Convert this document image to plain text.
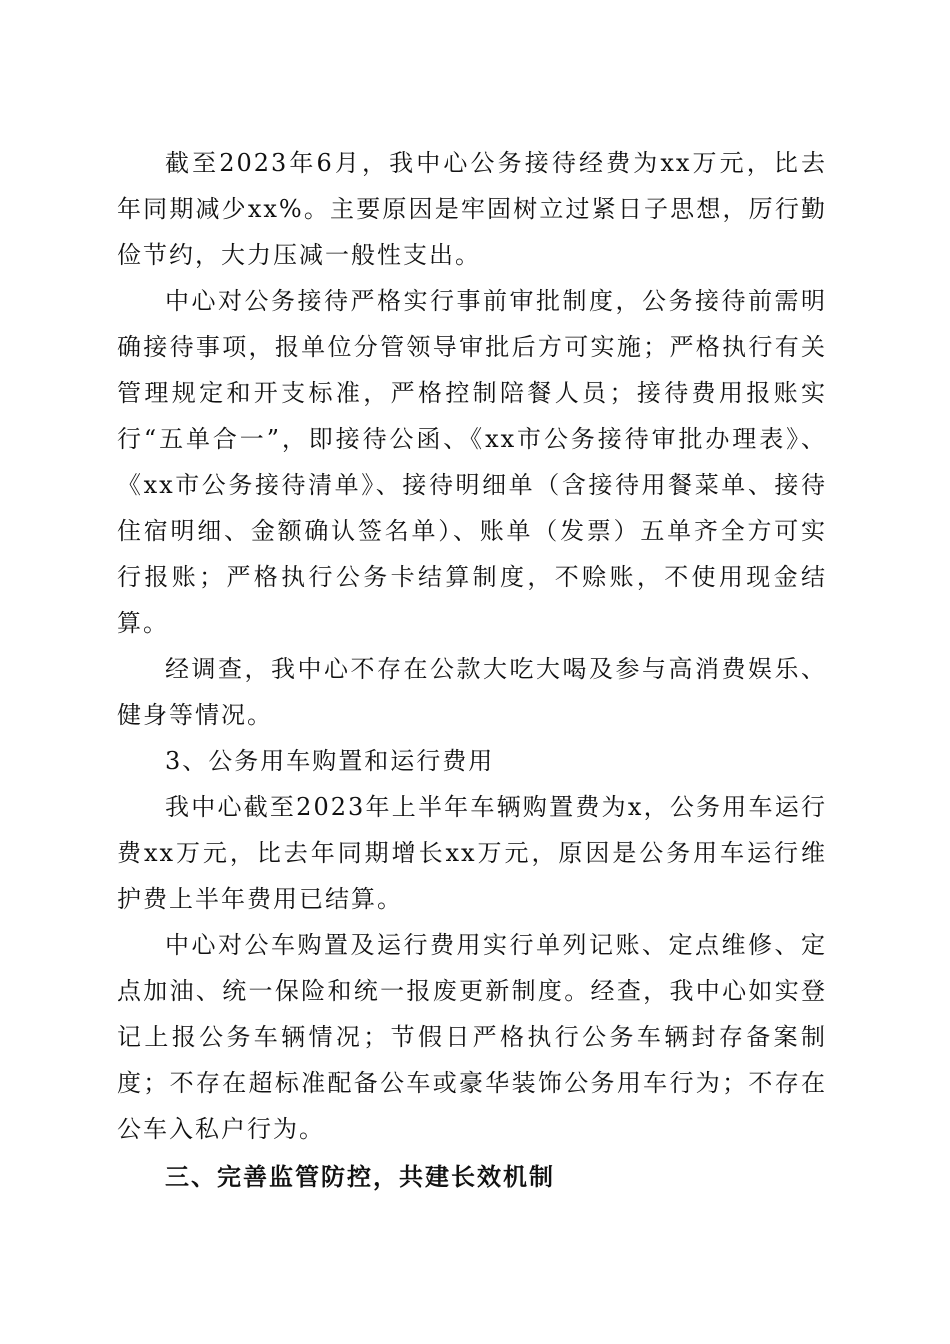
截至2023年6月，我中心公务接待经费为xx万元，比去年同期减少xx%。主要原因是牢固树立过紧日子思想，厉行勤俭节约，大力压减一般性支出。

中心对公务接待严格实行事前审批制度，公务接待前需明确接待事项，报单位分管领导审批后方可实施；严格执行有关管理规定和开支标准，严格控制陪餐人员；接待费用报账实行“五单合一”，即接待公函、《xx市公务接待审批办理表》、《xx市公务接待清单》、接待明细单（含接待用餐菜单、接待住宿明细、金额确认签名单）、账单（发票）五单齐全方可实行报账；严格执行公务卡结算制度，不赊账，不使用现金结算。

经调查，我中心不存在公款大吃大喝及参与高消费娱乐、健身等情况。

3、公务用车购置和运行费用

我中心截至2023年上半年车辆购置费为x，公务用车运行费xx万元，比去年同期增长xx万元，原因是公务用车运行维护费上半年费用已结算。

中心对公车购置及运行费用实行单列记账、定点维修、定点加油、统一保险和统一报废更新制度。经查，我中心如实登记上报公务车辆情况；节假日严格执行公务车辆封存备案制度；不存在超标准配备公车或豪华装饰公务用车行为；不存在公车入私户行为。

三、完善监管防控，共建长效机制
